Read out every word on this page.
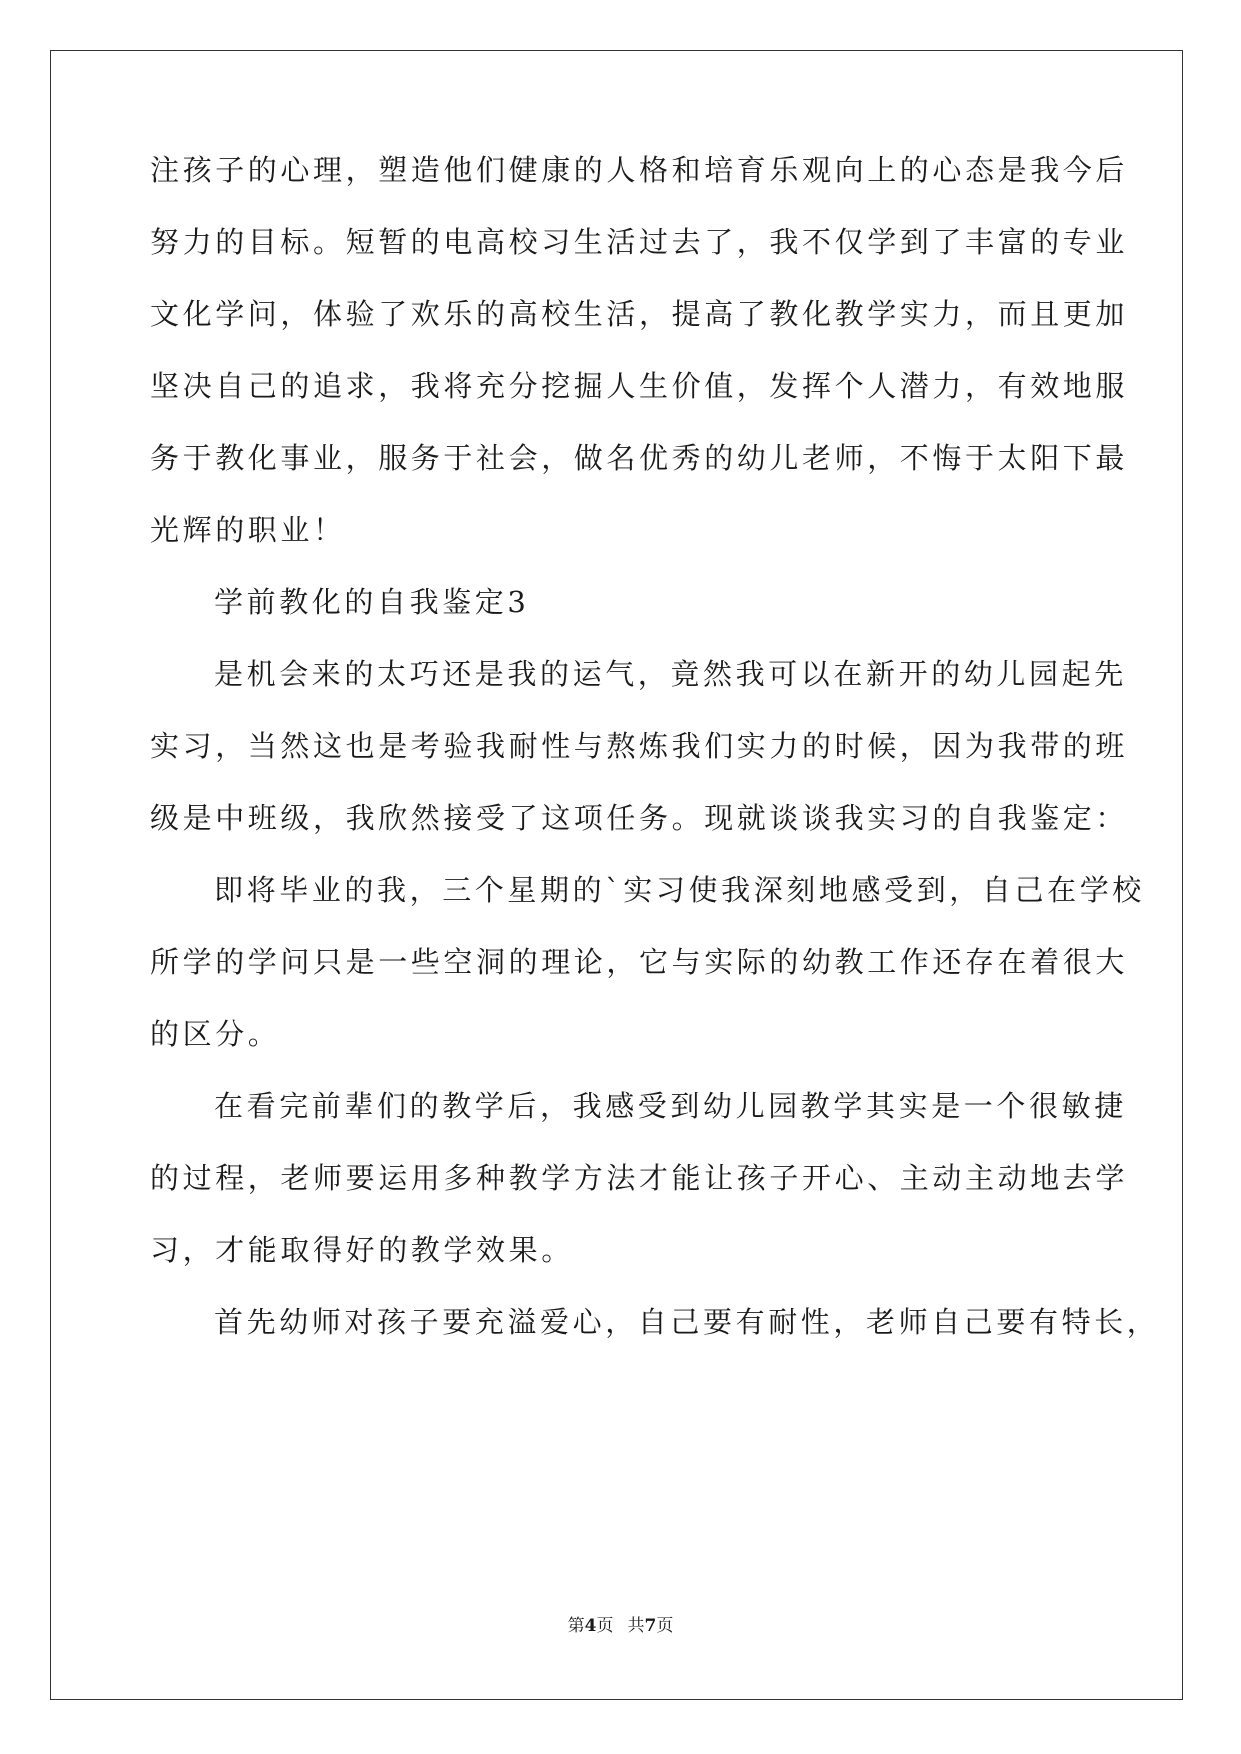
注孩子的心理，塑造他们健康的人格和培育乐观向上的心态是我今后
努力的目标。短暂的电高校习生活过去了，我不仅学到了丰富的专业
文化学问，体验了欢乐的高校生活，提高了教化教学实力，而且更加
坚决自己的追求，我将充分挖掘人生价值，发挥个人潜力，有效地服
务于教化事业，服务于社会，做名优秀的幼儿老师，不悔于太阳下最
光辉的职业！
学前教化的自我鉴定3
是机会来的太巧还是我的运气，竟然我可以在新开的幼儿园起先
实习，当然这也是考验我耐性与熬炼我们实力的时候，因为我带的班
级是中班级，我欣然接受了这项任务。现就谈谈我实习的自我鉴定：
即将毕业的我，三个星期的`实习使我深刻地感受到，自己在学校
所学的学问只是一些空洞的理论，它与实际的幼教工作还存在着很大
的区分。
在看完前辈们的教学后，我感受到幼儿园教学其实是一个很敏捷
的过程，老师要运用多种教学方法才能让孩子开心、主动主动地去学
习，才能取得好的教学效果。
首先幼师对孩子要充溢爱心，自己要有耐性，老师自己要有特长，
第4页 共7页
